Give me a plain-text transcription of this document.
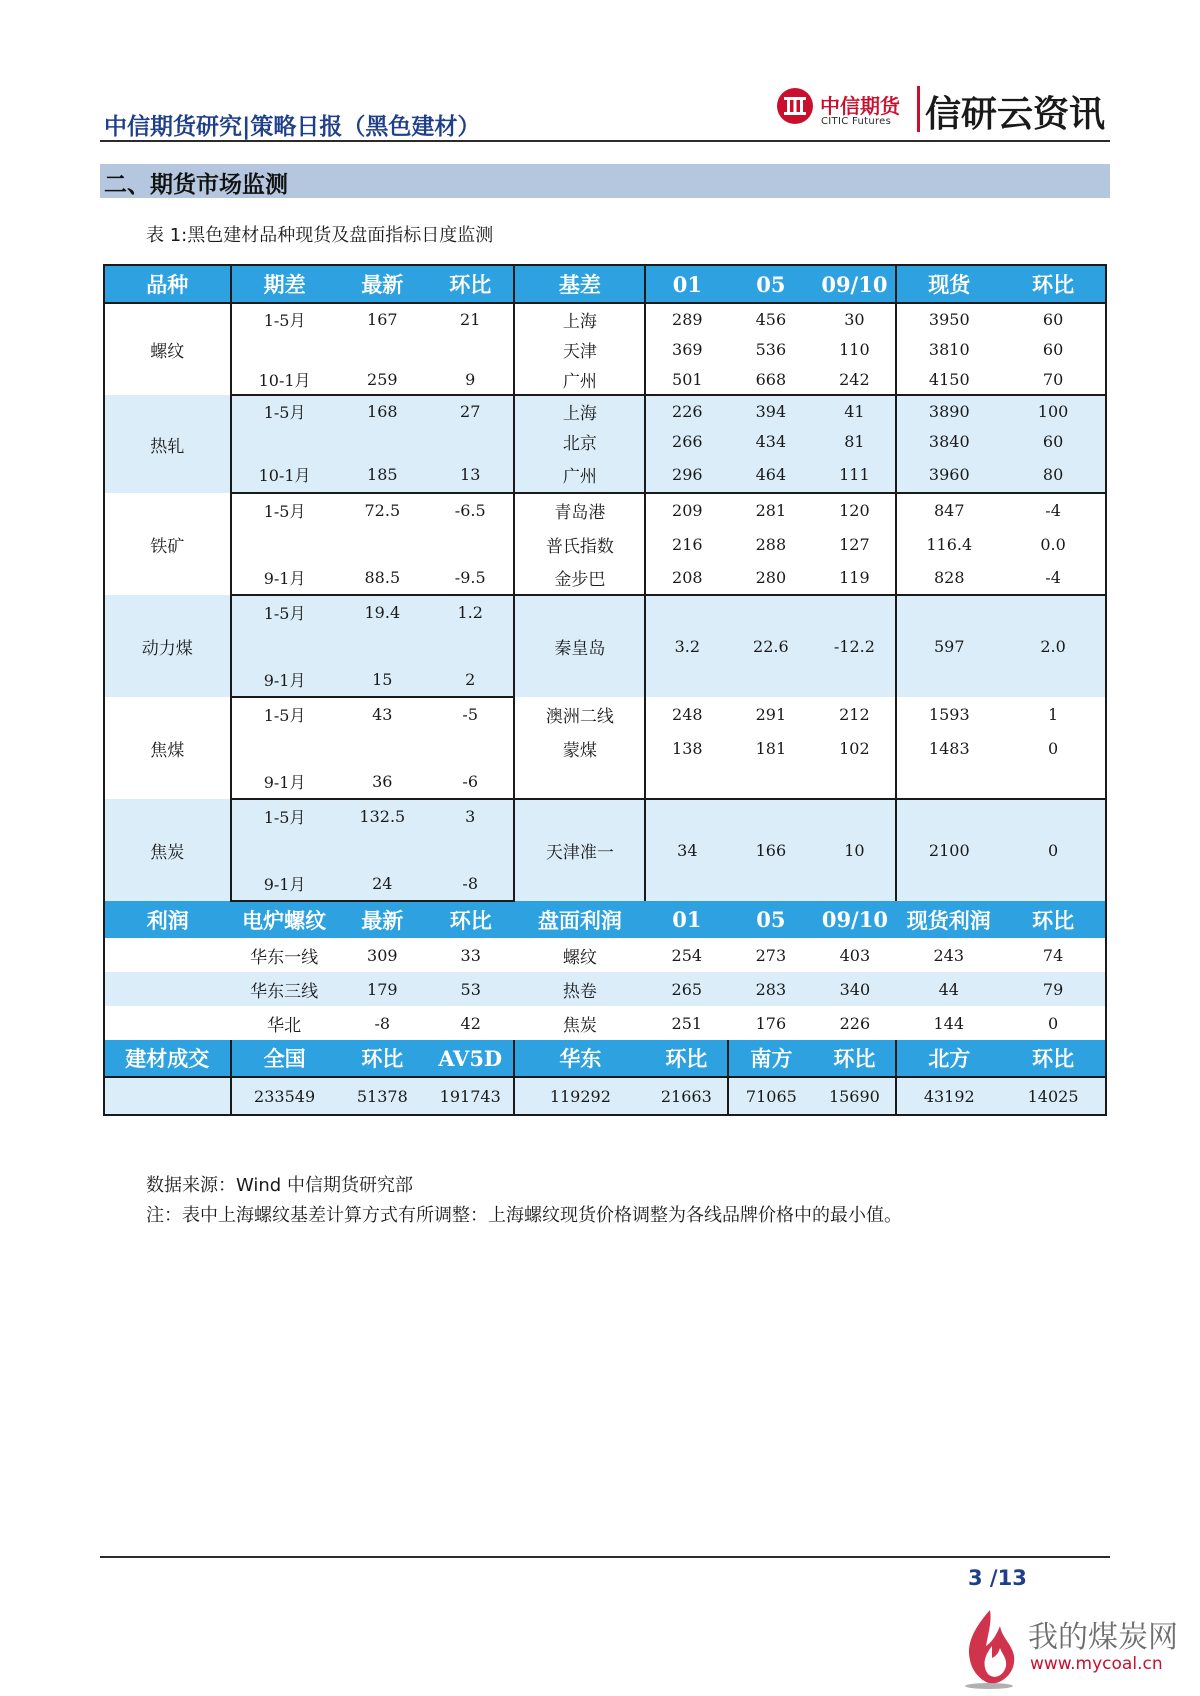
中信期货研究|策略日报（黑色建材）
中信期货
CITIC Futures 信研云资讯
二、期货市场监测
表 1:黑色建材品种现货及盘面指标日度监测
品种	期差	最新	环比	基差	01	05	09/10	现货	环比
螺纹	1-5月	167	21	上海	289	456	30	3950	60
				天津	369	536	110	3810	60
	10-1月	259	9	广州	501	668	242	4150	70
热轧	1-5月	168	27	上海	226	394	41	3890	100
				北京	266	434	81	3840	60
	10-1月	185	13	广州	296	464	111	3960	80
铁矿	1-5月	72.5	-6.5	青岛港	209	281	120	847	-4
				普氏指数	216	288	127	116.4	0.0
	9-1月	88.5	-9.5	金步巴	208	280	119	828	-4
动力煤	1-5月	19.4	1.2	秦皇岛	3.2	22.6	-12.2	597	2.0

	9-1月	15	2						
焦煤	1-5月	43	-5	澳洲二线	248	291	212	1593	1
				蒙煤	138	181	102	1483	0
	9-1月	36	-6						
焦炭	1-5月	132.5	3	天津准一	34	166	10	2100	0

	9-1月	24	-8						
利润	电炉螺纹	最新	环比	盘面利润	01	05	09/10	现货利润	环比
	华东一线	309	33	螺纹	254	273	403	243	74
	华东三线	179	53	热卷	265	283	340	44	79
	华北	-8	42	焦炭	251	176	226	144	0
建材成交	全国	环比	AV5D	华东	环比	南方	环比	北方	环比
	233549	51378	191743	119292	21663	71065	15690	43192	14025
数据来源：Wind 中信期货研究部
注：表中上海螺纹基差计算方式有所调整：上海螺纹现货价格调整为各线品牌价格中的最小值。
3 /13
我的煤炭网
www.mycoal.cn
